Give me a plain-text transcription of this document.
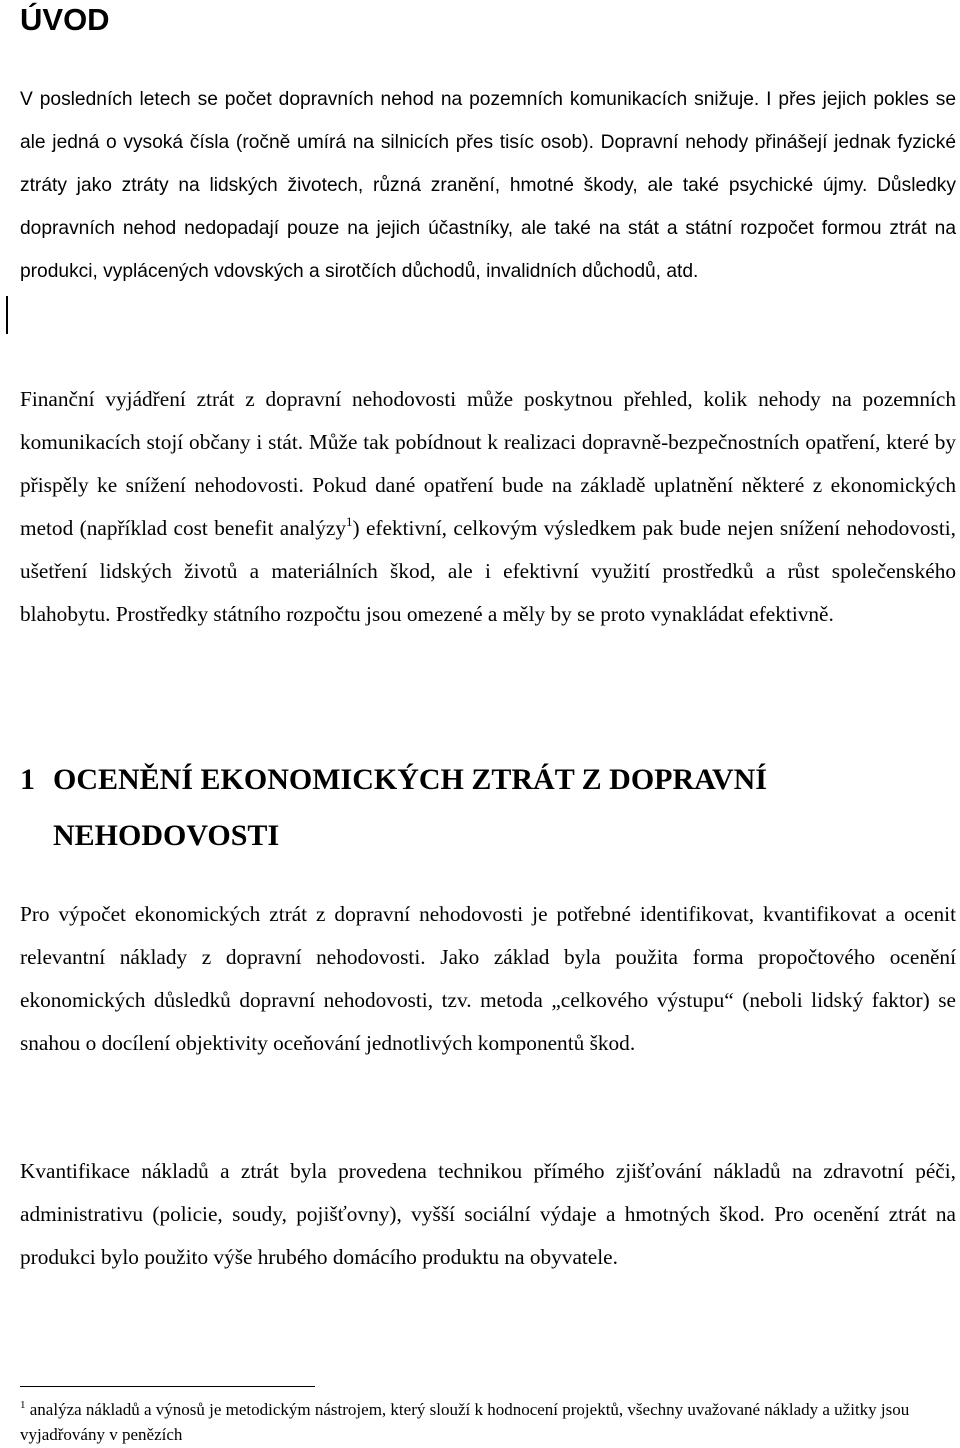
ÚVOD

V posledních letech se počet dopravních nehod na pozemních komunikacích snižuje. I přes jejich pokles se ale jedná o vysoká čísla (ročně umírá na silnicích přes tisíc osob). Dopravní nehody přinášejí jednak fyzické ztráty jako ztráty na lidských životech, různá zranění, hmotné škody, ale také psychické újmy. Důsledky dopravních nehod nedopadají pouze na jejich účastníky, ale také na stát a státní rozpočet formou ztrát na produkci, vyplácených vdovských a sirotčích důchodů, invalidních důchodů, atd.

Finanční vyjádření ztrát z dopravní nehodovosti může poskytnou přehled, kolik nehody na pozemních komunikacích stojí občany i stát. Může tak pobídnout k realizaci dopravně-bezpečnostních opatření, které by přispěly ke snížení nehodovosti. Pokud dané opatření bude na základě uplatnění některé z ekonomických metod (například cost benefit analýzy$^1$) efektivní, celkovým výsledkem pak bude nejen snížení nehodovosti, ušetření lidských životů a materiálních škod, ale i efektivní využití prostředků a růst společenského blahobytu. Prostředky státního rozpočtu jsou omezené a měly by se proto vynakládat efektivně.

1 OCENĚNÍ EKONOMICKÝCH ZTRÁT Z DOPRAVNÍ NEHODOVOSTI

Pro výpočet ekonomických ztrát z dopravní nehodovosti je potřebné identifikovat, kvantifikovat a ocenit relevantní náklady z dopravní nehodovosti. Jako základ byla použita forma propočtového ocenění ekonomických důsledků dopravní nehodovosti, tzv. metoda „celkového výstupu“ (neboli lidský faktor) se snahou o docílení objektivity oceňování jednotlivých komponentů škod.

Kvantifikace nákladů a ztrát byla provedena technikou přímého zjišťování nákladů na zdravotní péči, administrativu (policie, soudy, pojišťovny), vyšší sociální výdaje a hmotných škod. Pro ocenění ztrát na produkci bylo použito výše hrubého domácího produktu na obyvatele.

$^1$ analýza nákladů a výnosů je metodickým nástrojem, který slouží k hodnocení projektů, všechny uvažované náklady a užitky jsou vyjadřovány v penězích
